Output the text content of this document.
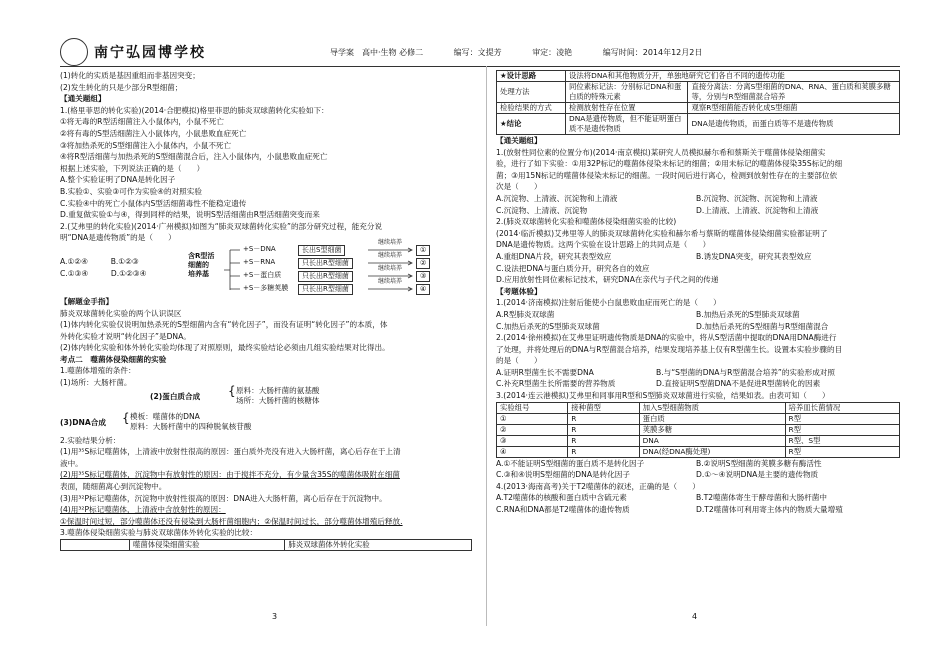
南宁弘园博学校	导学案　高中·生物 必修二	编写：文提芳	审定：凌艳	编写时间：2014年12月2日

(1)转化的实质是基因重组而非基因突变；

(2)发生转化的只是少部分R型细菌；

【通关题组】

1.(格里菲思的转化实验)(2014·合肥模拟)格里菲思的肺炎双球菌转化实验如下：

①将无毒的R型活细菌注入小鼠体内，小鼠不死亡

②将有毒的S型活细菌注入小鼠体内，小鼠患败血症死亡

③将加热杀死的S型细菌注入小鼠体内，小鼠不死亡

④将R型活细菌与加热杀死的S型细菌混合后，注入小鼠体内，小鼠患败血症死亡

根据上述实验，下列说法正确的是（　　）

A.整个实验证明了DNA是转化因子

B.实验①、实验③可作为实验④的对照实验

C.实验④中的死亡小鼠体内S型活细菌毒性不能稳定遗传

D.重复做实验①与④，得到同样的结果，说明S型活细菌由R型活细菌突变而来

2.(艾弗里的转化实验)(2014·广州模拟)如图为“肺炎双球菌转化实验”的部分研究过程，能充分说

明“DNA是遗传物质”的是（　　）

A.①②④　　　	B.①②③

C.①③④　　　	D.①②③④

含R型活
细菌的
培养基
+S－DNA
+S－RNA
+S－蛋白质
+S－多糖荚膜
长出S型细菌
只长出R型细菌
只长出R型细菌
只长出R型细菌
继续培养
继续培养
继续培养
继续培养
①
②
③
④

【解题金手指】

肺炎双球菌转化实验的两个认识误区

(1)体内转化实验仅说明加热杀死的S型细菌内含有“转化因子”，而没有证明“转化因子”的本质，体

外转化实验才说明“转化因子”是DNA。

(2)体内转化实验和体外转化实验均体现了对照原则，最终实验结论必须由几组实验结果对比得出。

考点二　噬菌体侵染细菌的实验

1.噬菌体增殖的条件：

(1)场所：大肠杆菌。

(2)蛋白质合成 { 原料：大肠杆菌的氨基酸
场所：大肠杆菌的核糖体
(3)DNA合成 { 模板：噬菌体的DNA
原料：大肠杆菌中的四种脱氧核苷酸

2.实验结果分析：

(1)用³⁵S标记噬菌体，上清液中放射性很高的原因：蛋白质外壳没有进入大肠杆菌，离心后存在于上清

液中。

(2)用³⁵S标记噬菌体，沉淀物中有放射性的原因：由于搅拌不充分，有少量含35S的噬菌体吸附在细菌

表面，随细菌离心到沉淀物中。

(3)用³²P标记噬菌体，沉淀物中放射性很高的原因：DNA进入大肠杆菌，离心后存在于沉淀物中。

(4)用³²P标记噬菌体，上清液中含放射性的原因：

①保温时间过短，部分噬菌体还没有侵染到大肠杆菌细胞内；②保温时间过长，部分噬菌体增殖后释放.

3.噬菌体侵染细菌实验与肺炎双球菌体外转化实验的比较：

	噬菌体侵染细菌实验	肺炎双球菌体外转化实验
★设计思路	设法将DNA和其他物质分开，单独地研究它们各自不同的遗传功能	
处理方法	同位素标记法：分别标记DNA和蛋白质的特殊元素	直接分离法：分离S型细菌的DNA、RNA、蛋白质和荚膜多糖等，分别与R型细菌混合培养
检验结果的方式	检测放射性存在位置	观察R型细菌能否转化成S型细菌
★结论	DNA是遗传物质，但不能证明蛋白质不是遗传物质	DNA是遗传物质，而蛋白质等不是遗传物质

【通关题组】

1.(放射性同位素的位置分布)(2014·南京模拟)某研究人员模拟赫尔希和蔡斯关于噬菌体侵染细菌实

验，进行了如下实验：①用32P标记的噬菌体侵染未标记的细菌；②用未标记的噬菌体侵染35S标记的细

菌；③用15N标记的噬菌体侵染未标记的细菌。一段时间后进行离心，检测到放射性存在的主要部位依

次是（　　）

A.沉淀物、上清液、沉淀物和上清液	B.沉淀物、沉淀物、沉淀物和上清液

C.沉淀物、上清液、沉淀物	D.上清液、上清液、沉淀物和上清液

2.(肺炎双球菌转化实验和噬菌体侵染细菌实验的比较)

(2014·临沂模拟)艾弗里等人的肺炎双球菌转化实验和赫尔希与蔡斯的噬菌体侵染细菌实验都证明了

DNA是遗传物质。这两个实验在设计思路上的共同点是（　　）

A.重组DNA片段，研究其表型效应	B.诱发DNA突变，研究其表型效应

C.设法把DNA与蛋白质分开，研究各自的效应

D.应用放射性同位素标记技术，研究DNA在亲代与子代之间的传递

【考题体验】

1.(2014·济南模拟)注射后能使小白鼠患败血症而死亡的是（　　）

A.R型肺炎双球菌	B.加热后杀死的S型肺炎双球菌

C.加热后杀死的S型肺炎双球菌	D.加热后杀死的S型细菌与R型细菌混合

2.(2014·徐州模拟)在艾弗里证明遗传物质是DNA的实验中，将从S型活菌中提取的DNA用DNA酶进行

了处理，并将处理后的DNA与R型菌混合培养，结果发现培养基上仅有R型菌生长。设置本实验步骤的目

的是（　　）

A.证明R型菌生长不需要DNA	B.与“S型菌的DNA与R型菌混合培养”的实验形成对照

C.补充R型菌生长所需要的营养物质	D.直接证明S型菌DNA不是促进R型菌转化的因素

3.(2014·连云港模拟)艾弗里和同事用R型和S型肺炎双球菌进行实验，结果如表。由表可知（　　）

实验组号	接种菌型	加入S型细菌物质	培养皿长菌情况
①	R	蛋白质	R型
②	R	荚膜多糖	R型
③	R	DNA	R型、S型
④	R	DNA(经DNA酶处理)	R型

A.①不能证明S型细菌的蛋白质不是转化因子	B.②说明S型细菌的荚膜多糖有酶活性

C.③和④说明S型细菌的DNA是转化因子	D.①～④说明DNA是主要的遗传物质

4.(2013·海南高考)关于T2噬菌体的叙述，正确的是（　　）

A.T2噬菌体的核酸和蛋白质中含硫元素	B.T2噬菌体寄生于酵母菌和大肠杆菌中

C.RNA和DNA都是T2噬菌体的遗传物质	D.T2噬菌体可利用寄主体内的物质大量增殖

3	4
